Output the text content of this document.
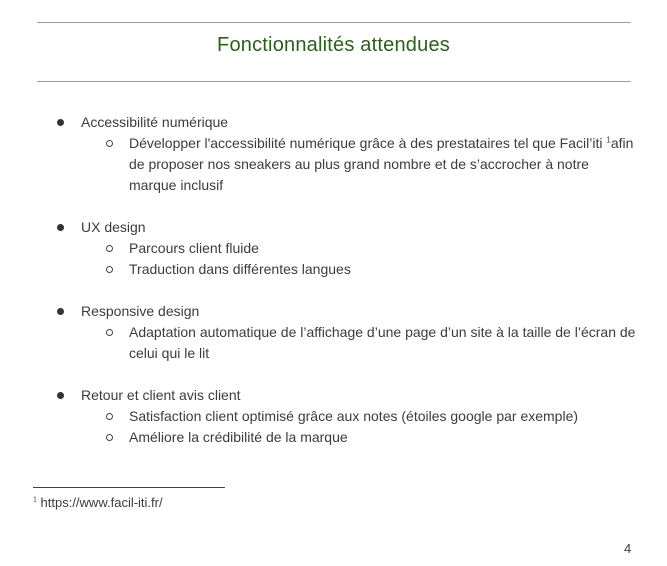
Fonctionnalités attendues
Accessibilité numérique
Développer l'accessibilité numérique grâce à des prestataires tel que Facil’iti $^1$afin de proposer nos sneakers au plus grand nombre et de s’accrocher à notre marque inclusif
UX design
Parcours client fluide
Traduction dans différentes langues
Responsive design
Adaptation automatique de l’affichage d’une page d’un site à la taille de l’écran de celui qui le lit
Retour et client avis client
Satisfaction client optimisé grâce aux notes (étoiles google par exemple)
Améliore la crédibilité de la marque
$^1$ https://www.facil-iti.fr/
4
